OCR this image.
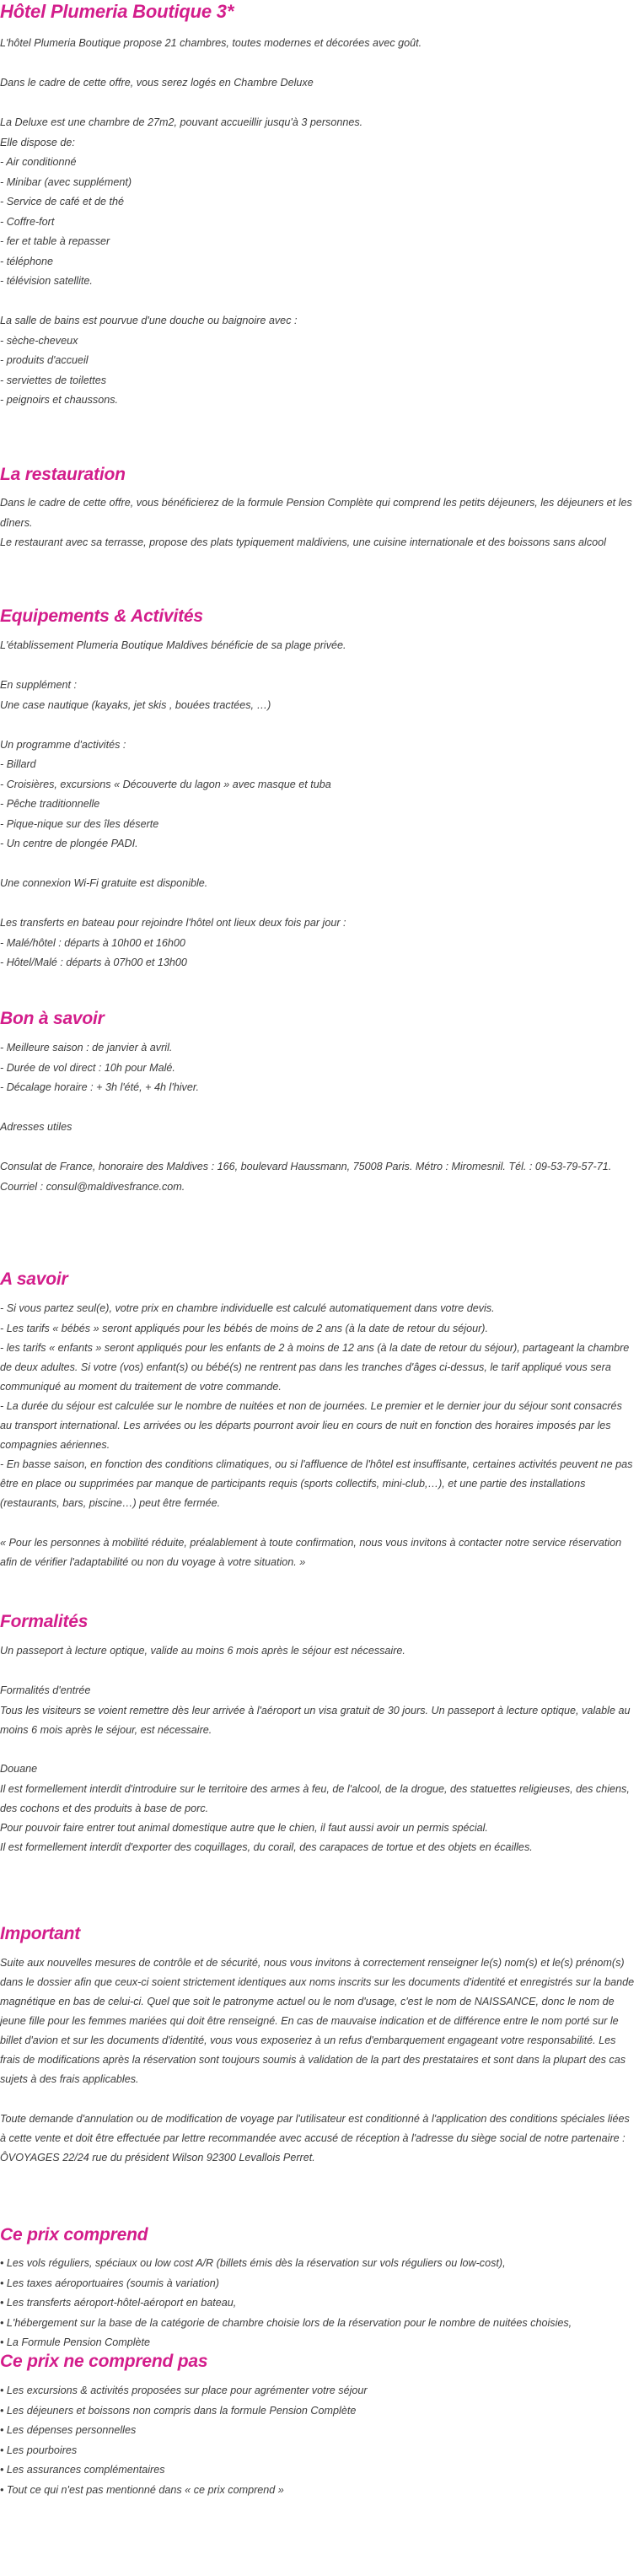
Hôtel Plumeria Boutique 3*
L'hôtel Plumeria Boutique propose 21 chambres, toutes modernes et décorées avec goût.
Dans le cadre de cette offre, vous serez logés en Chambre Deluxe
La Deluxe est une chambre de 27m2, pouvant accueillir jusqu'à 3 personnes.
Elle dispose de:
- Air conditionné
- Minibar (avec supplément)
- Service de café et de thé
- Coffre-fort
- fer et table à repasser
- téléphone
- télévision satellite.
La salle de bains est pourvue d'une douche ou baignoire avec :
- sèche-cheveux
- produits d'accueil
- serviettes de toilettes
- peignoirs et chaussons.
La restauration
Dans le cadre de cette offre, vous bénéficierez de la formule Pension Complète qui comprend les petits déjeuners, les déjeuners et les dîners.
Le restaurant avec sa terrasse, propose des plats typiquement maldiviens, une cuisine internationale et des boissons sans alcool
Equipements & Activités
L'établissement Plumeria Boutique Maldives bénéficie de sa plage privée.
En supplément :
Une case nautique (kayaks, jet skis , bouées tractées, …)
Un programme d'activités :
- Billard
- Croisières, excursions « Découverte du lagon » avec masque et tuba
- Pêche traditionnelle
- Pique-nique sur des îles déserte
- Un centre de plongée PADI.
Une connexion Wi-Fi gratuite est disponible.
Les transferts en bateau pour rejoindre l'hôtel ont lieux deux fois par jour :
- Malé/hôtel : départs à 10h00 et 16h00
- Hôtel/Malé : départs à 07h00 et 13h00
Bon à savoir
- Meilleure saison : de janvier à avril.
- Durée de vol direct : 10h pour Malé.
- Décalage horaire : + 3h l'été, + 4h l'hiver.
Adresses utiles
Consulat de France, honoraire des Maldives : 166, boulevard Haussmann, 75008 Paris. Métro : Miromesnil. Tél. : 09-53-79-57-71. Courriel : consul@maldivesfrance.com.
A savoir
- Si vous partez seul(e), votre prix en chambre individuelle est calculé automatiquement dans votre devis.
- Les tarifs « bébés » seront appliqués pour les bébés de moins de 2 ans (à la date de retour du séjour).
- les tarifs « enfants » seront appliqués pour les enfants de 2 à moins de 12 ans (à la date de retour du séjour), partageant la chambre de deux adultes. Si votre (vos) enfant(s) ou bébé(s) ne rentrent pas dans les tranches d'âges ci-dessus, le tarif appliqué vous sera communiqué au moment du traitement de votre commande.
- La durée du séjour est calculée sur le nombre de nuitées et non de journées. Le premier et le dernier jour du séjour sont consacrés au transport international. Les arrivées ou les départs pourront avoir lieu en cours de nuit en fonction des horaires imposés par les compagnies aériennes.
- En basse saison, en fonction des conditions climatiques, ou si l'affluence de l'hôtel est insuffisante, certaines activités peuvent ne pas être en place ou supprimées par manque de participants requis (sports collectifs, mini-club,…), et une partie des installations (restaurants, bars, piscine…) peut être fermée.
« Pour les personnes à mobilité réduite, préalablement à toute confirmation, nous vous invitons à contacter notre service réservation afin de vérifier l'adaptabilité ou non du voyage à votre situation. »
Formalités
Un passeport à lecture optique, valide au moins 6 mois après le séjour est nécessaire.
Formalités d'entrée
Tous les visiteurs se voient remettre dès leur arrivée à l'aéroport un visa gratuit de 30 jours. Un passeport à lecture optique, valable au moins 6 mois après le séjour, est nécessaire.
Douane
Il est formellement interdit d'introduire sur le territoire des armes à feu, de l'alcool, de la drogue, des statuettes religieuses, des chiens, des cochons et des produits à base de porc.
Pour pouvoir faire entrer tout animal domestique autre que le chien, il faut aussi avoir un permis spécial.
Il est formellement interdit d'exporter des coquillages, du corail, des carapaces de tortue et des objets en écailles.
Important
Suite aux nouvelles mesures de contrôle et de sécurité, nous vous invitons à correctement renseigner le(s) nom(s) et le(s) prénom(s) dans le dossier afin que ceux-ci soient strictement identiques aux noms inscrits sur les documents d'identité et enregistrés sur la bande magnétique en bas de celui-ci. Quel que soit le patronyme actuel ou le nom d'usage, c'est le nom de NAISSANCE, donc le nom de jeune fille pour les femmes mariées qui doit être renseigné. En cas de mauvaise indication et de différence entre le nom porté sur le billet d'avion et sur les documents d'identité, vous vous exposeriez à un refus d'embarquement engageant votre responsabilité. Les frais de modifications après la réservation sont toujours soumis à validation de la part des prestataires et sont dans la plupart des cas sujets à des frais applicables.
Toute demande d'annulation ou de modification de voyage par l'utilisateur est conditionné à l'application des conditions spéciales liées à cette vente et doit être effectuée par lettre recommandée avec accusé de réception à l'adresse du siège social de notre partenaire : ÔVOYAGES 22/24 rue du président Wilson 92300 Levallois Perret.
Ce prix comprend
• Les vols réguliers, spéciaux ou low cost A/R (billets émis dès la réservation sur vols réguliers ou low-cost),
• Les taxes aéroportuaires (soumis à variation)
• Les transferts aéroport-hôtel-aéroport en bateau,
• L'hébergement sur la base de la catégorie de chambre choisie lors de la réservation pour le nombre de nuitées choisies,
• La Formule Pension Complète
Ce prix ne comprend pas
• Les excursions & activités proposées sur place pour agrémenter votre séjour
• Les déjeuners et boissons non compris dans la formule Pension Complète
• Les dépenses personnelles
• Les pourboires
• Les assurances complémentaires
• Tout ce qui n'est pas mentionné dans « ce prix comprend »
